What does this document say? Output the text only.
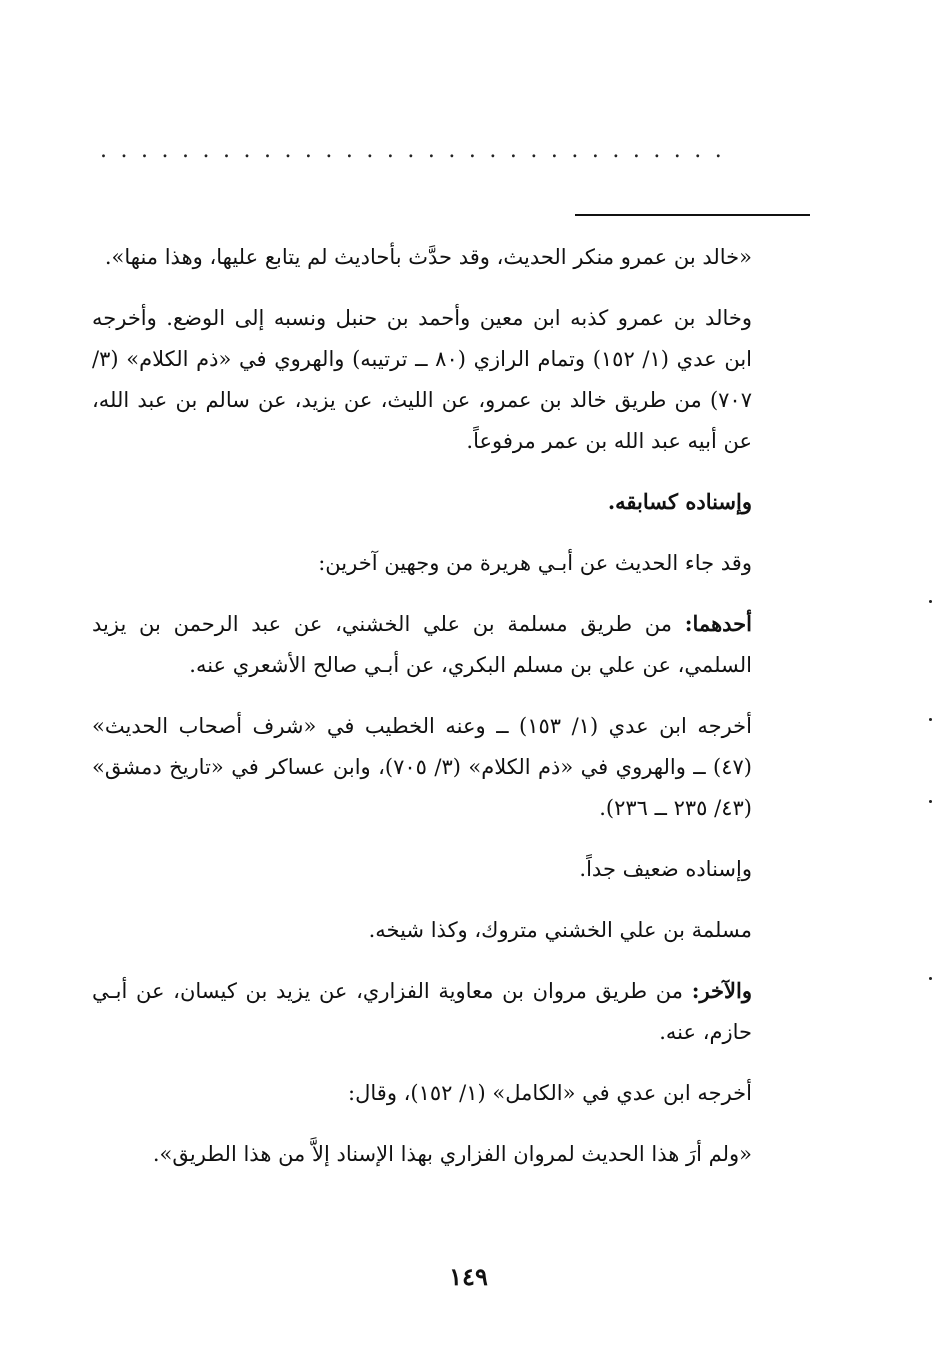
...............................

«خالد بن عمرو منكر الحديث، وقد حدَّث بأحاديث لم يتابع عليها، وهذا منها».

وخالد بن عمرو كذبه ابن معين وأحمد بن حنبل ونسبه إلى الوضع. وأخرجه ابن عدي (١/ ١٥٢) وتمام الرازي (٨٠ ــ ترتيبه) والهروي في «ذم الكلام» (٣/ ٧٠٧) من طريق خالد بن عمرو، عن الليث، عن يزيد، عن سالم بن عبد الله، عن أبيه عبد الله بن عمر مرفوعاً.

وإسناده كسابقه.

وقد جاء الحديث عن أبـي هريرة من وجهين آخرين:

أحدهما: من طريق مسلمة بن علي الخشني، عن عبد الرحمن بن يزيد السلمي، عن علي بن مسلم البكري، عن أبـي صالح الأشعري عنه.

أخرجه ابن عدي (١/ ١٥٣) ــ وعنه الخطيب في «شرف أصحاب الحديث» (٤٧) ــ والهروي في «ذم الكلام» (٣/ ٧٠٥)، وابن عساكر في «تاريخ دمشق» (٤٣/ ٢٣٥ ــ ٢٣٦).

وإسناده ضعيف جداً.

مسلمة بن علي الخشني متروك، وكذا شيخه.

والآخر: من طريق مروان بن معاوية الفزاري، عن يزيد بن كيسان، عن أبـي حازم، عنه.

أخرجه ابن عدي في «الكامل» (١/ ١٥٢)، وقال:

«ولم أرَ هذا الحديث لمروان الفزاري بهذا الإسناد إلاَّ من هذا الطريق».

١٤٩
